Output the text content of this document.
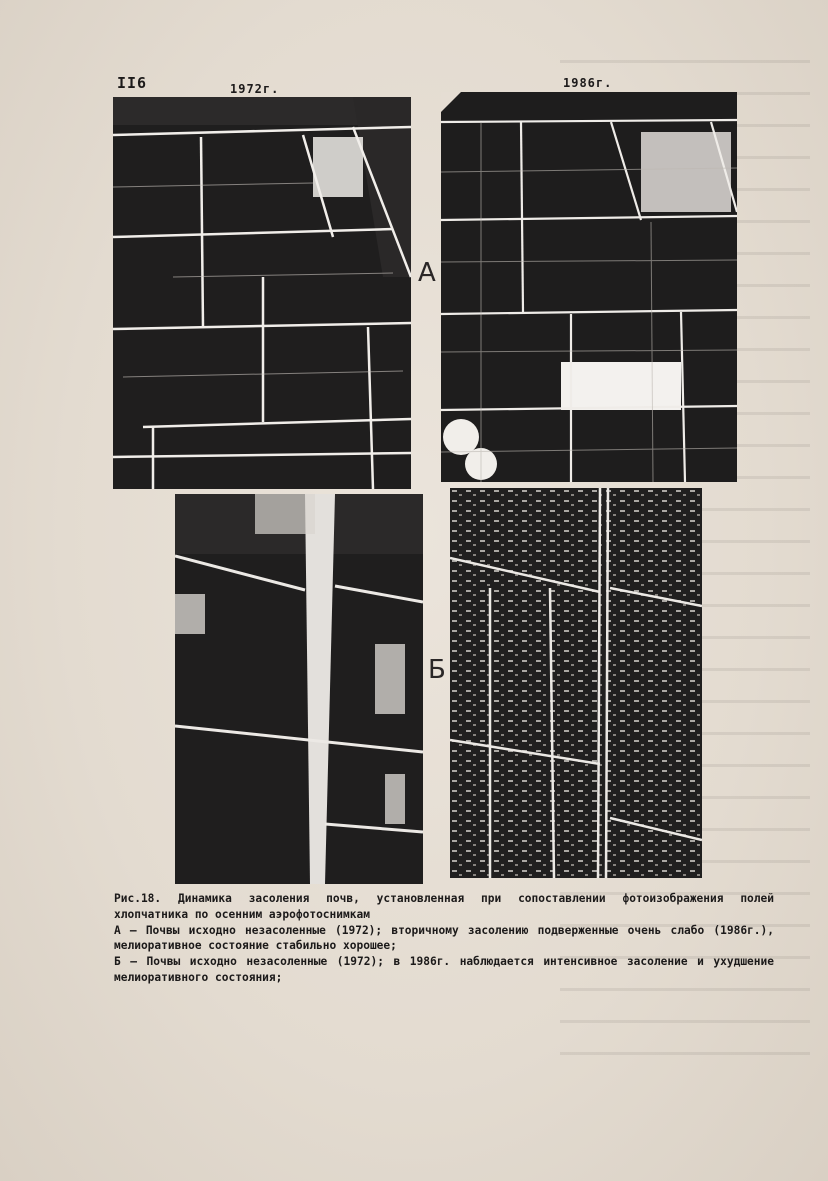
II6	1972г.	1986г.
А
Б

Рис.18. Динамика засоления почв, установленная при сопоставлении фотоизображения полей хлопчатника по осенним аэрофотоснимкам

А – Почвы исходно незасоленные (1972); вторичному засолению подверженные очень слабо (1986г.), мелиоративное состояние стабильно хорошее;

Б – Почвы исходно незасоленные (1972); в 1986г. наблюдается интенсивное засоление и ухудшение мелиоративного состояния;
